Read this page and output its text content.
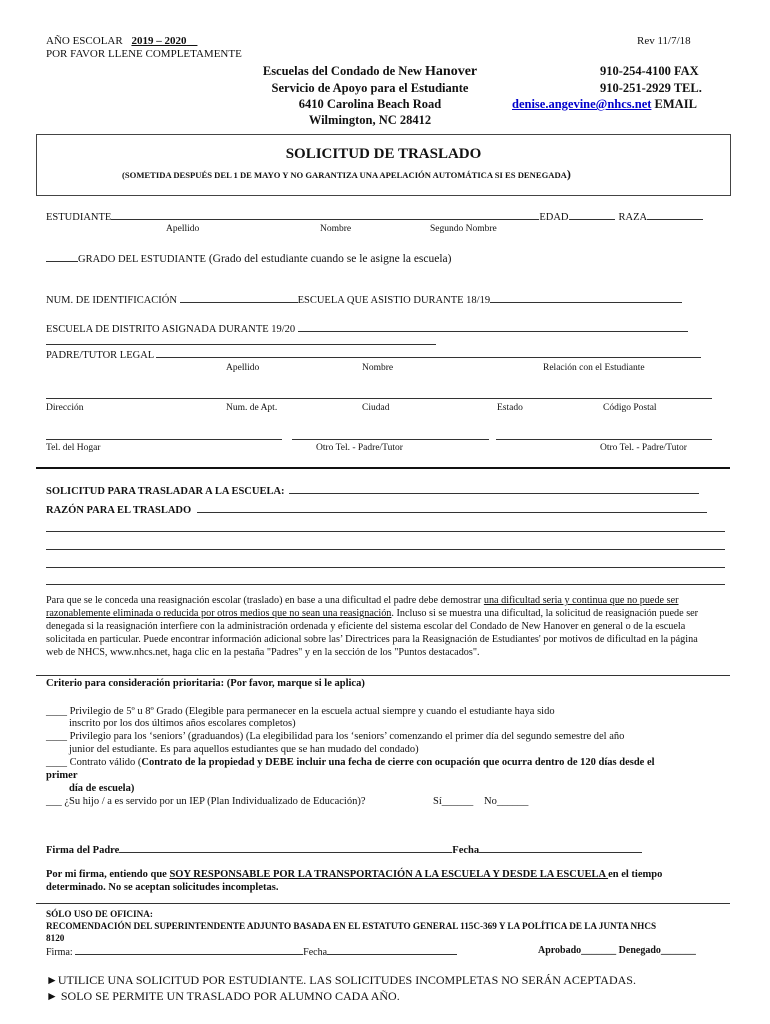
AÑO ESCOLAR 2019 – 2020
POR FAVOR LLENE COMPLETAMENTE
Rev 11/7/18
Escuelas del Condado de New Hanover
Servicio de Apoyo para el Estudiante
6410 Carolina Beach Road
Wilmington, NC 28412
910-254-4100 FAX
910-251-2929 TEL.
denise.angevine@nhcs.net EMAIL
SOLICITUD DE TRASLADO
(SOMETIDA DESPUÉS DEL 1 DE MAYO Y NO GARANTIZA UNA APELACIÓN AUTOMÁTICA SI ES DENEGADA)
ESTUDIANTE	EDAD	RAZA
Apellido	Nombre	Segundo Nombre
GRADO DEL ESTUDIANTE (Grado del estudiante cuando se le asigne la escuela)
NUM. DE IDENTIFICACIÓN	ESCUELA QUE ASISTIO DURANTE 18/19
ESCUELA DE DISTRITO ASIGNADA DURANTE 19/20
PADRE/TUTOR LEGAL
Apellido	Nombre	Relación con el Estudiante
Dirección	Num. de Apt.	Ciudad	Estado	Código Postal
Tel. del Hogar	Otro Tel. - Padre/Tutor	Otro Tel. - Padre/Tutor
SOLICITUD PARA TRASLADAR A LA ESCUELA:
RAZÓN PARA EL TRASLADO
Para que se le conceda una reasignación escolar (traslado) en base a una dificultad el padre debe demostrar una dificultad seria y continua que no puede ser razonablemente eliminada o reducida por otros medios que no sean una reasignación. Incluso si se muestra una dificultad, la solicitud de reasignación puede ser denegada si la reasignación interfiere con la administración ordenada y eficiente del sistema escolar del Condado de New Hanover en general o de la escuela solicitada en particular. Puede encontrar información adicional sobre las’ Directrices para la Reasignación de Estudiantes' por motivos de dificultad en la página web de NHCS, www.nhcs.net, haga clic en la pestaña "Padres" y en la sección de los "Puntos destacados".
Criterio para consideración prioritaria: (Por favor, marque si le aplica)
____ Privilegio de 5º u 8º Grado (Elegible para permanecer en la escuela actual siempre y cuando el estudiante haya sido
inscrito por los dos últimos años escolares completos)
____ Privilegio para los ‘seniors’ (graduandos) (La elegibilidad para los ‘seniors’ comenzando el primer día del segundo semestre del año
junior del estudiante. Es para aquellos estudiantes que se han mudado del condado)
____ Contrato válido (Contrato de la propiedad y DEBE incluir una fecha de cierre con ocupación que ocurra dentro de 120 días desde el
primer
día de escuela)
___ ¿Su hijo / a es servido por un IEP (Plan Individualizado de Educación)?	Sí______ No______
Firma del Padre	Fecha
Por mi firma, entiendo que SOY RESPONSABLE POR LA TRANSPORTACIÓN A LA ESCUELA Y DESDE LA ESCUELA en el tiempo
determinado. No se aceptan solicitudes incompletas.
SÓLO USO DE OFICINA:
RECOMENDACIÓN DEL SUPERINTENDENTE ADJUNTO BASADA EN EL ESTATUTO GENERAL 115C-369 Y LA POLÍTICA DE LA JUNTA NHCS
8120
Firma:	Fecha	Aprobado_______ Denegado_______
►UTILICE UNA SOLICITUD POR ESTUDIANTE. LAS SOLICITUDES INCOMPLETAS NO SERÁN ACEPTADAS.
► SOLO SE PERMITE UN TRASLADO POR ALUMNO CADA AÑO.
